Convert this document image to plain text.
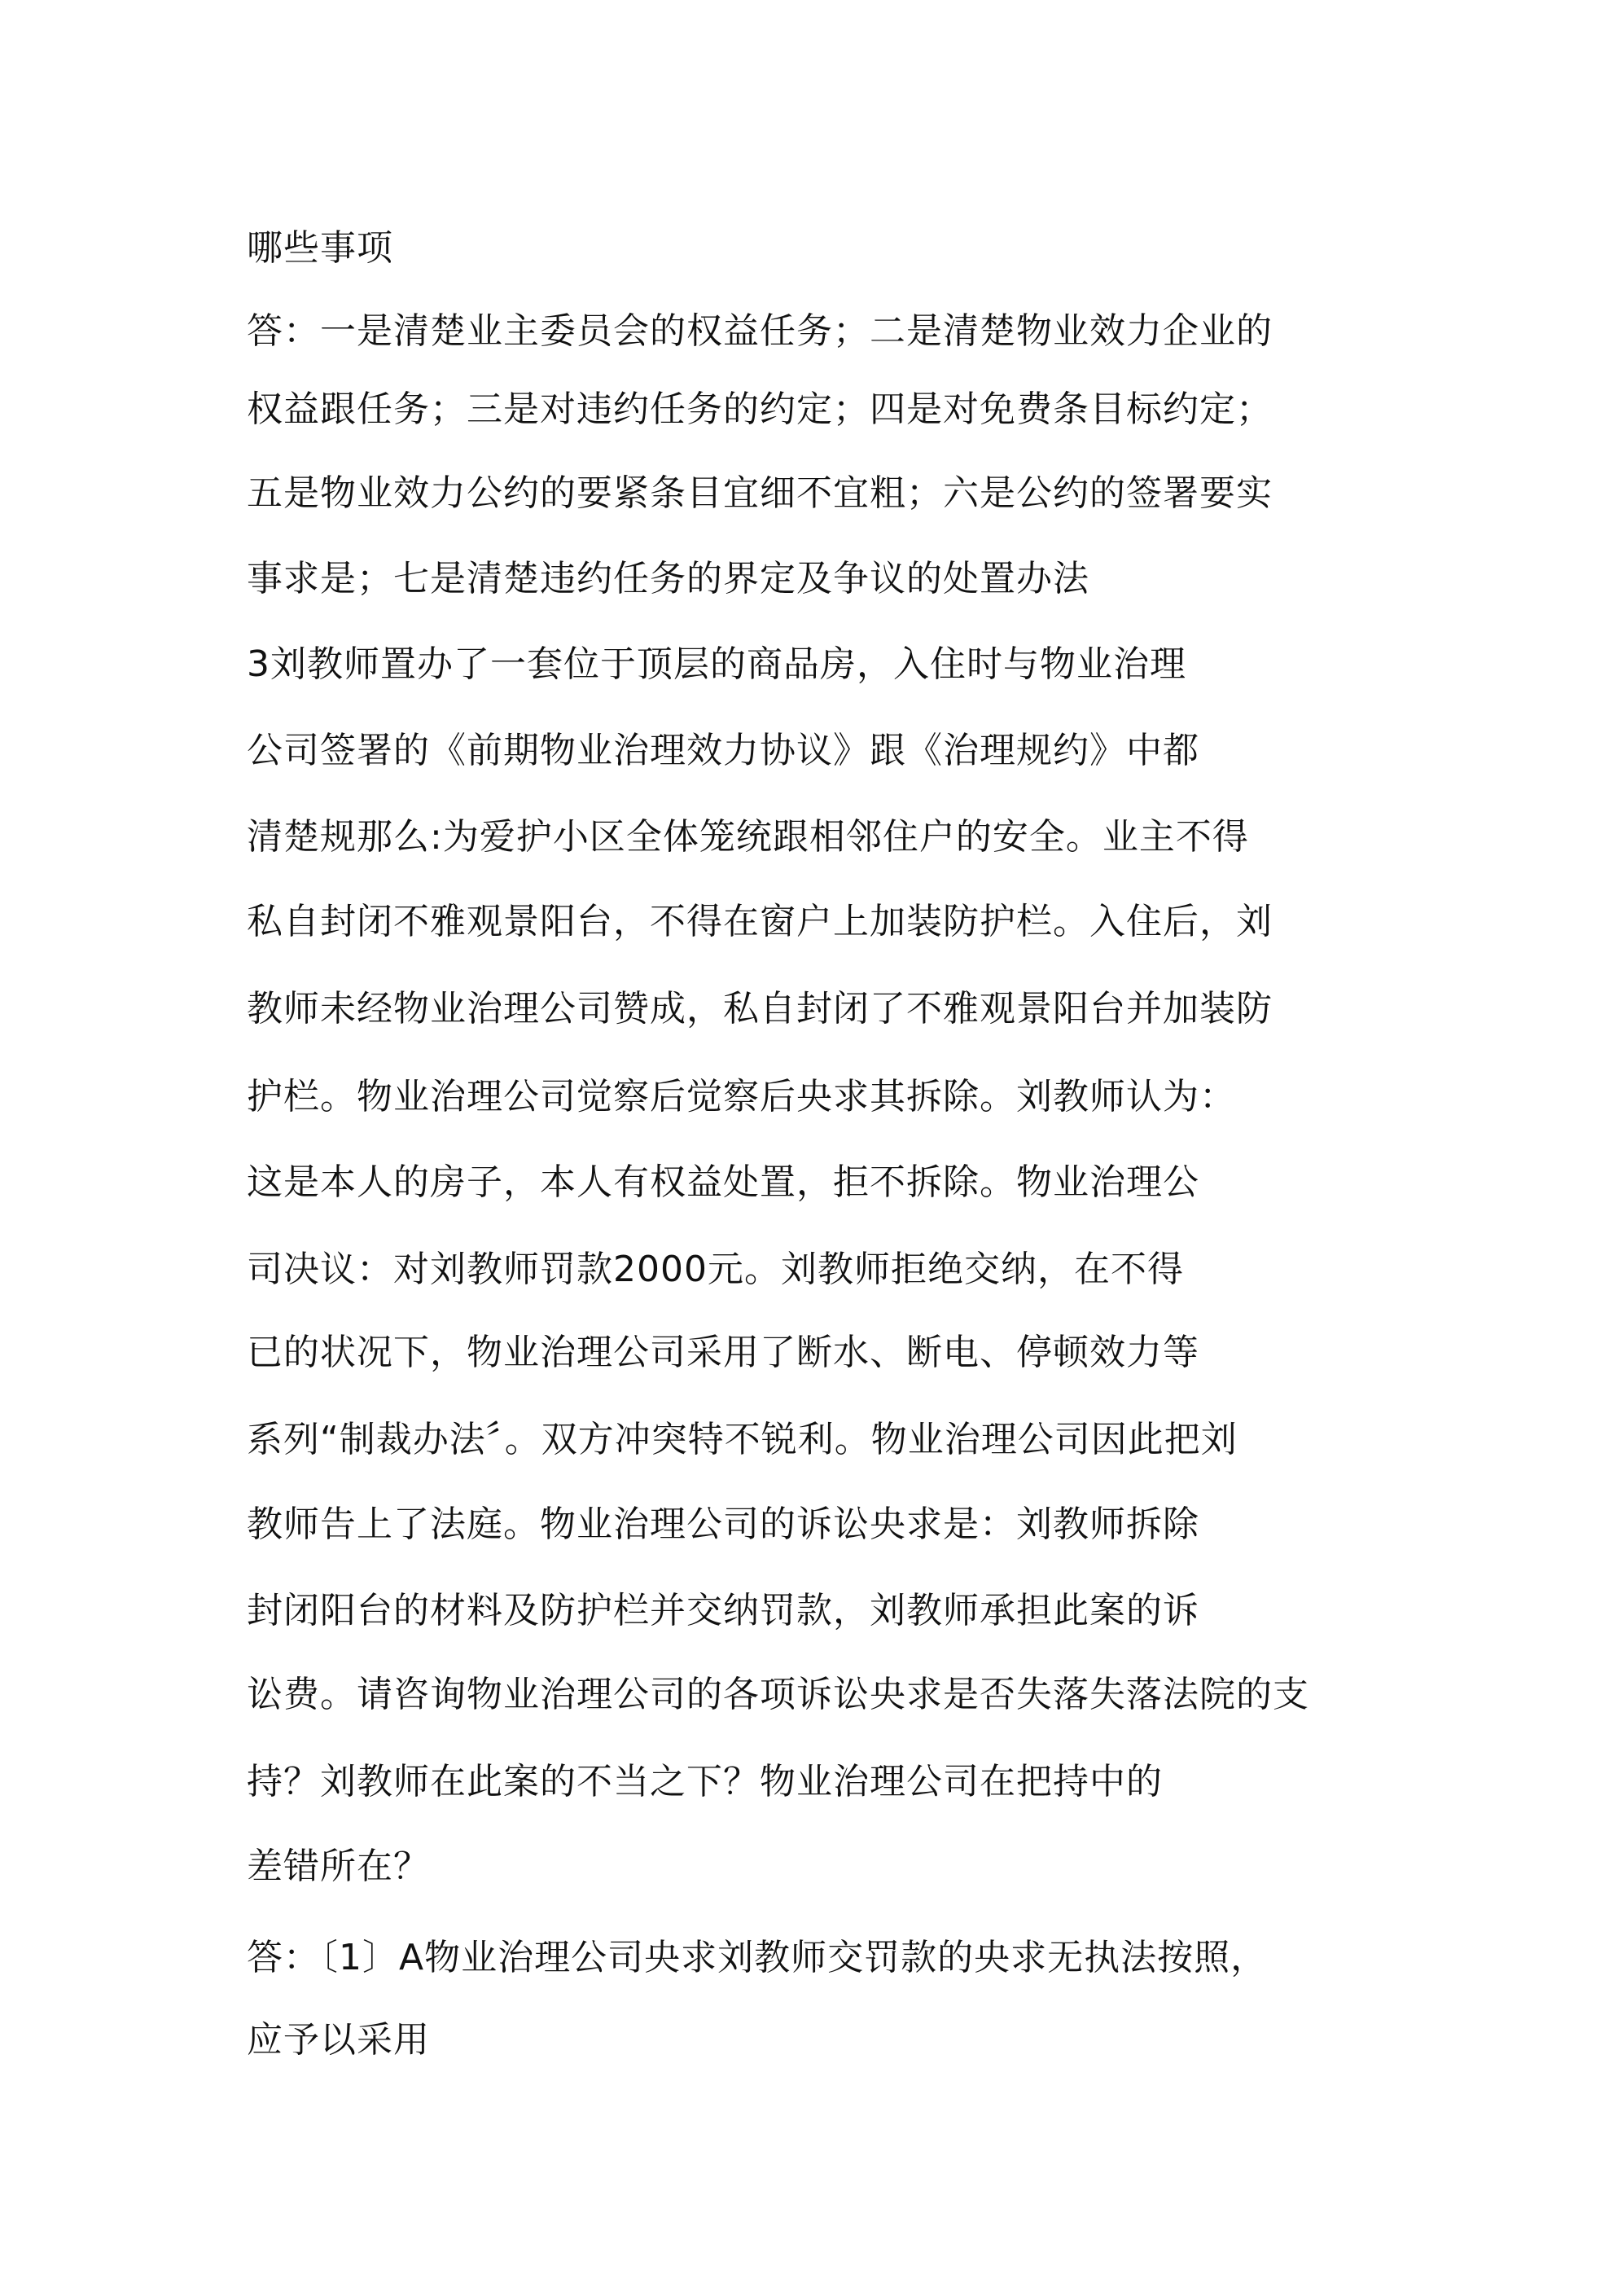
哪些事项
答：一是清楚业主委员会的权益任务；二是清楚物业效力企业的
权益跟任务；三是对违约任务的约定；四是对免费条目标约定；
五是物业效力公约的要紧条目宜细不宜粗；六是公约的签署要实
事求是；七是清楚违约任务的界定及争议的处置办法
3刘教师置办了一套位于顶层的商品房，入住时与物业治理
公司签署的《前期物业治理效力协议》跟《治理规约》中都
清楚规那么:为爱护小区全体笼统跟相邻住户的安全。业主不得
私自封闭不雅观景阳台，不得在窗户上加装防护栏。入住后，刘
教师未经物业治理公司赞成，私自封闭了不雅观景阳台并加装防
护栏。物业治理公司觉察后觉察后央求其拆除。刘教师认为：
这是本人的房子，本人有权益处置，拒不拆除。物业治理公
司决议：对刘教师罚款2000元。刘教师拒绝交纳，在不得
已的状况下，物业治理公司采用了断水、断电、停顿效力等
系列“制裁办法〞。双方冲突特不锐利。物业治理公司因此把刘
教师告上了法庭。物业治理公司的诉讼央求是：刘教师拆除
封闭阳台的材料及防护栏并交纳罚款，刘教师承担此案的诉
讼费。请咨询物业治理公司的各项诉讼央求是否失落失落法院的支
持？刘教师在此案的不当之下？物业治理公司在把持中的
差错所在？
答：〔1〕A物业治理公司央求刘教师交罚款的央求无执法按照，
应予以采用
